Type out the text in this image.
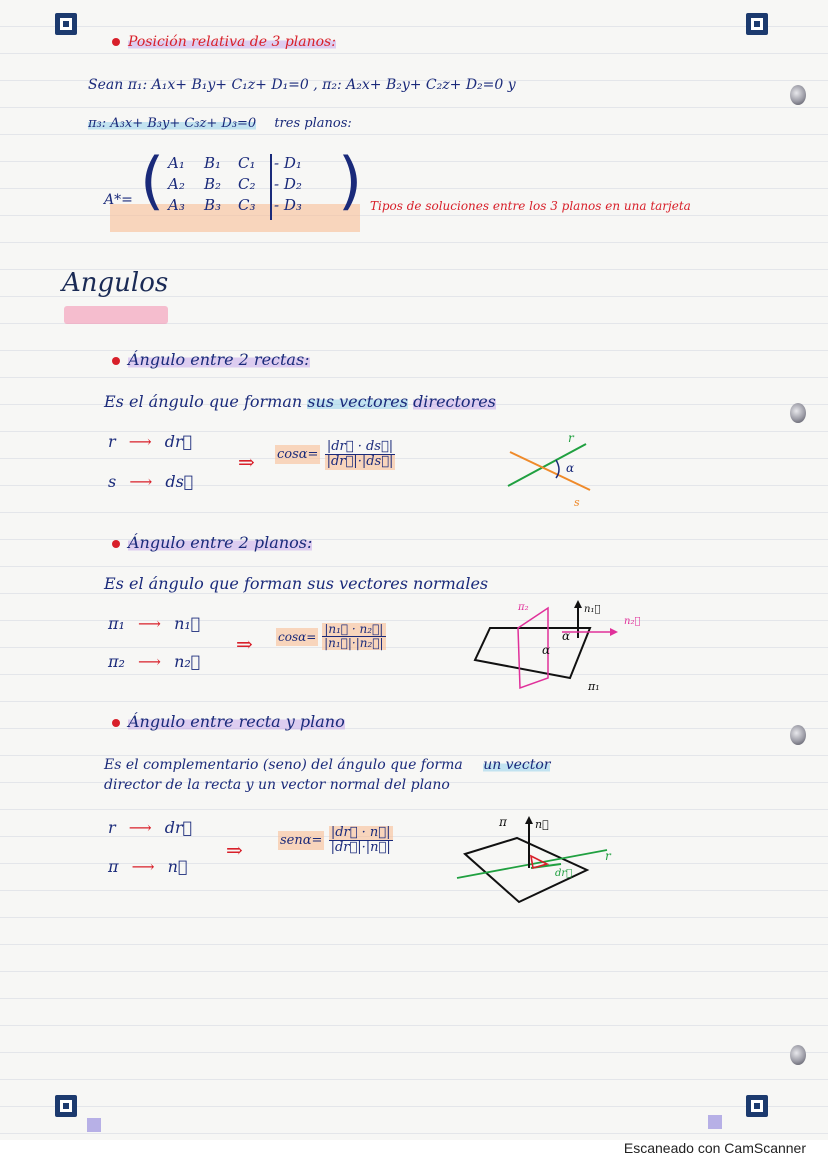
Posición relativa de 3 planos:
Sean π₁: A₁x+ B₁y+ C₁z+ D₁=0 , π₂: A₂x+ B₂y+ C₂z+ D₂=0 y
π₃: A₃x+ B₃y+ C₃z+ D₃=0 tres planos:
A*= (	)
A₁ B₁ C₁ - D₁
A₂ B₂ C₂ - D₂
A₃ B₃ C₃ - D₃	Tipos de soluciones entre los 3 planos en una tarjeta
Angulos
Ángulo entre 2 rectas:
Es el ángulo que forman sus vectores directores
r ⟶ dr⃗
s ⟶ ds⃗
⇒ $\cos\alpha= \frac{|dr⃗ \cdot ds⃗|}{|dr⃗|\cdot|ds⃗|}$
r
α
s
Ángulo entre 2 planos:
Es el ángulo que forman sus vectores normales
π₁ ⟶ n₁⃗
π₂ ⟶ n₂⃗
⇒ $\cos\alpha= \frac{\text{|n₁⃗ · n₂⃗|}}{\text{|n₁⃗|·|n₂⃗|}}$
π₂	n₁⃗
n₂⃗
α
α
π₁
Ángulo entre recta y plano
Es el complementario (seno) del ángulo que forma un vector
director de la recta y un vector normal del plano
r ⟶ dr⃗
π ⟶ n⃗
⇒	$sen\alpha= \frac{|dr⃗ \cdot n⃗|}{|dr⃗|\cdot|n⃗|}$
π	n⃗
r
dr⃗
Escaneado con CamScanner
